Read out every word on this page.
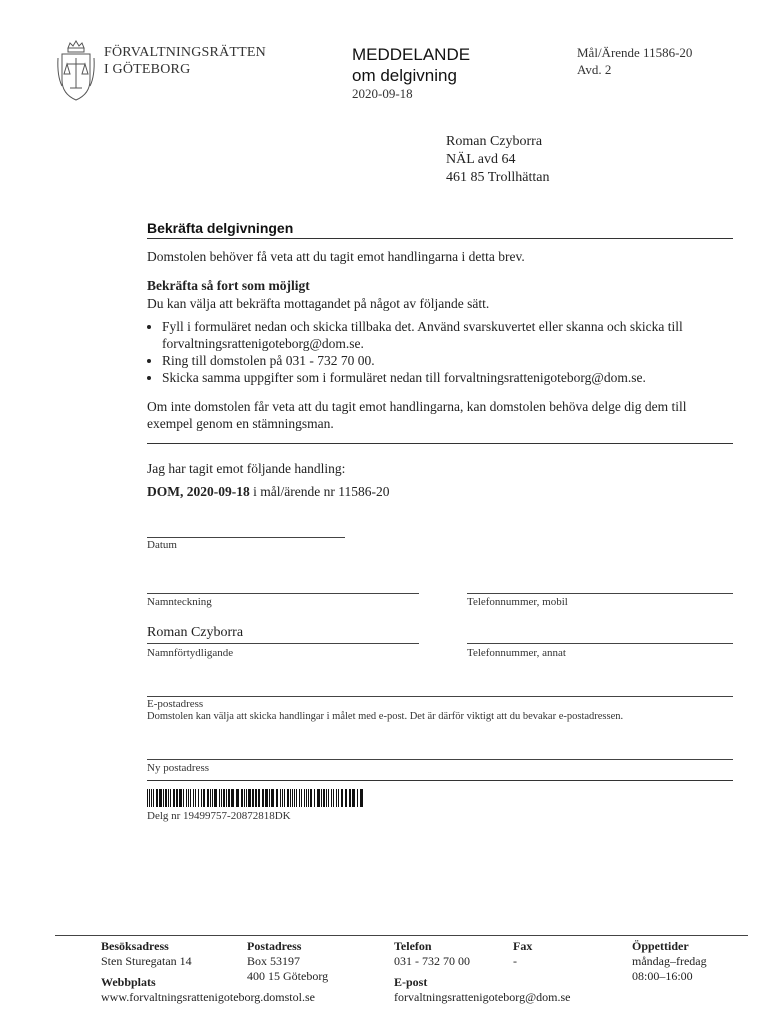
FÖRVALTNINGSRÄTTEN
I GÖTEBORG
MEDDELANDE
om delgivning
2020-09-18
Mål/Ärende 11586-20
Avd. 2
Roman Czyborra
NÄL avd 64
461 85 Trollhättan
Bekräfta delgivningen
Domstolen behöver få veta att du tagit emot handlingarna i detta brev.
Bekräfta så fort som möjligt
Du kan välja att bekräfta mottagandet på något av följande sätt.
• Fyll i formuläret nedan och skicka tillbaka det. Använd svarskuvertet eller skanna och skicka till forvaltningsrattenigoteborg@dom.se.
• Ring till domstolen på 031 - 732 70 00.
• Skicka samma uppgifter som i formuläret nedan till forvaltningsrattenigoteborg@dom.se.
Om inte domstolen får veta att du tagit emot handlingarna, kan domstolen behöva delge dig dem till exempel genom en stämningsman.
Jag har tagit emot följande handling:
DOM, 2020-09-18 i mål/ärende nr 11586-20
Datum
Namnteckning	Telefonnummer, mobil
Roman Czyborra
Namnförtydligande	Telefonnummer, annat
E-postadress
Domstolen kan välja att skicka handlingar i målet med e-post. Det är därför viktigt att du bevakar e-postadressen.
Ny postadress
Delg nr 19499757-20872818DK
Besöksadress
Sten Sturegatan 14
Webbplats
www.forvaltningsrattenigoteborg.domstol.se
Postadress
Box 53197
400 15 Göteborg
Telefon
031 - 732 70 00
E-post
forvaltningsrattenigoteborg@dom.se
Fax
-
Öppettider
måndag–fredag
08:00–16:00
